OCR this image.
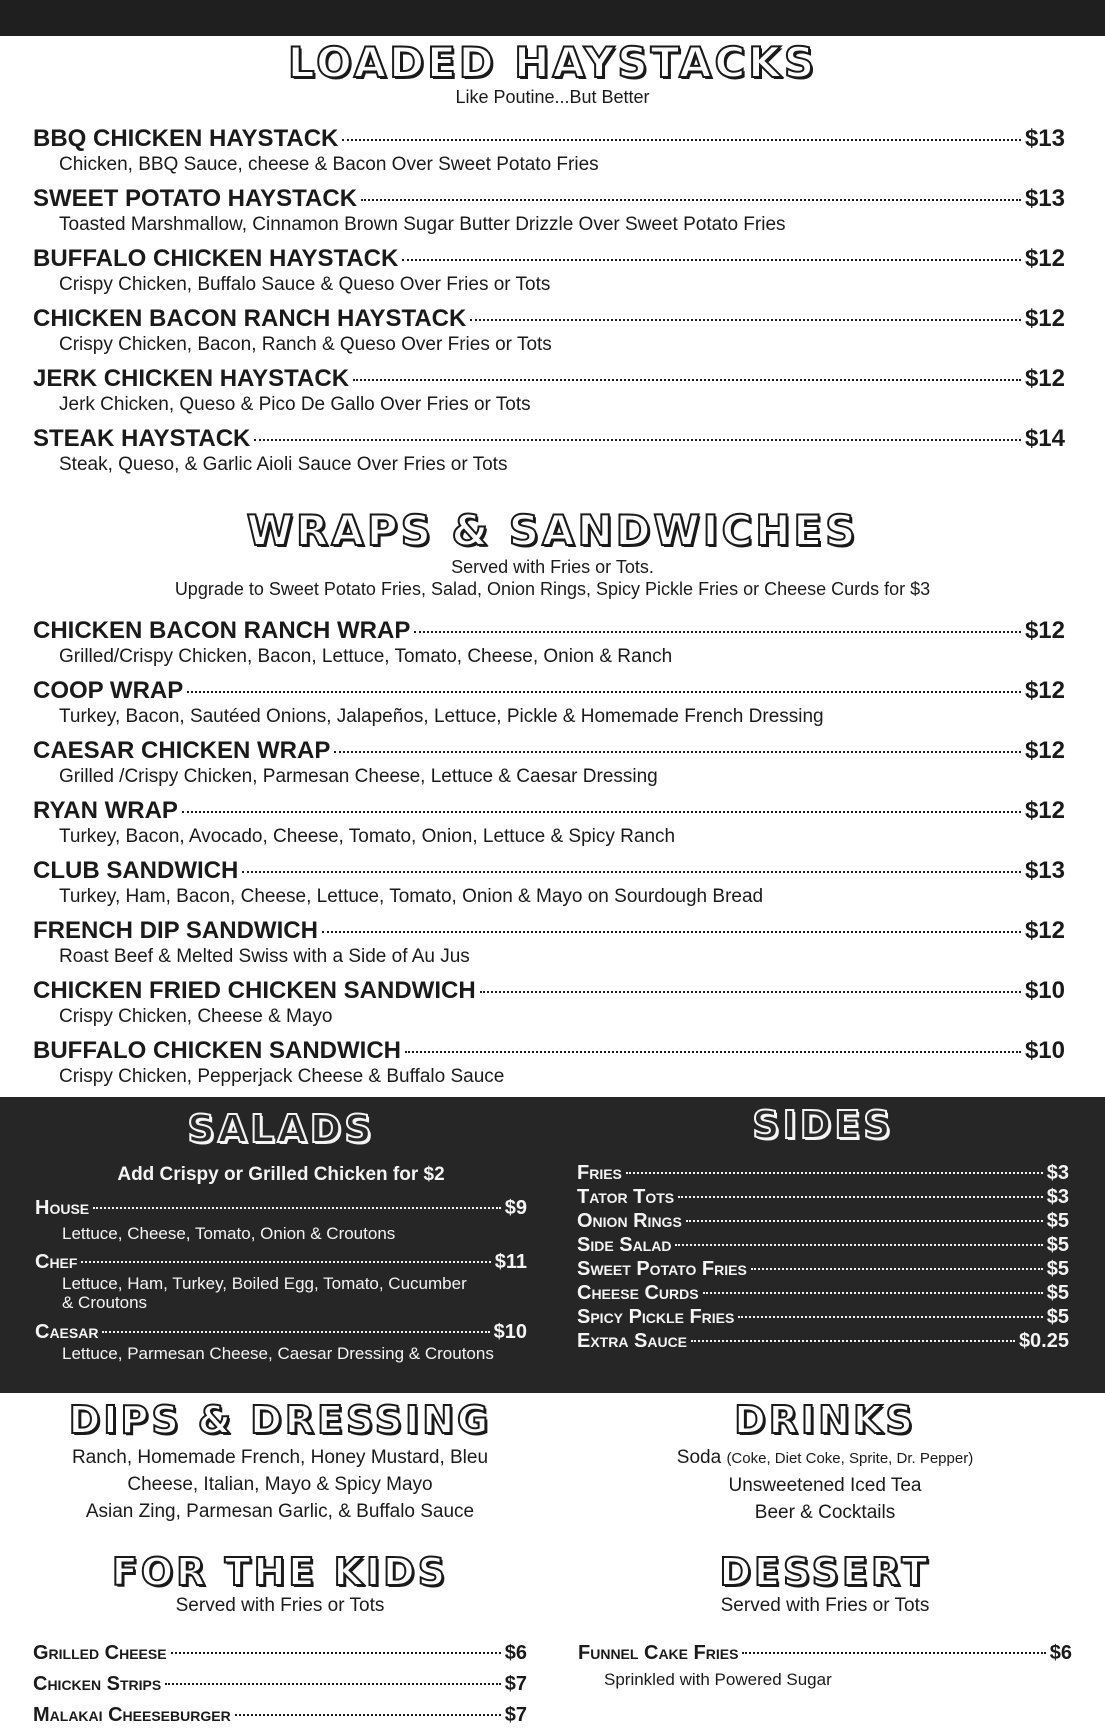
LOADED HAYSTACKS
Like Poutine...But Better
BBQ CHICKEN HAYSTACK	$13
Chicken, BBQ Sauce, cheese & Bacon Over Sweet Potato Fries
SWEET POTATO HAYSTACK	$13
Toasted Marshmallow, Cinnamon Brown Sugar Butter Drizzle Over Sweet Potato Fries
BUFFALO CHICKEN HAYSTACK	$12
Crispy Chicken, Buffalo Sauce & Queso Over Fries or Tots
CHICKEN BACON RANCH HAYSTACK	$12
Crispy Chicken, Bacon, Ranch & Queso Over Fries or Tots
JERK CHICKEN HAYSTACK	$12
Jerk Chicken, Queso & Pico De Gallo Over Fries or Tots
STEAK HAYSTACK	$14
Steak, Queso, & Garlic Aioli Sauce Over Fries or Tots
WRAPS & SANDWICHES
Served with Fries or Tots.
Upgrade to Sweet Potato Fries, Salad, Onion Rings, Spicy Pickle Fries or Cheese Curds for $3
CHICKEN BACON RANCH WRAP	$12
Grilled/Crispy Chicken, Bacon, Lettuce, Tomato, Cheese, Onion & Ranch
COOP WRAP	$12
Turkey, Bacon, Sautéed Onions, Jalapeños, Lettuce, Pickle & Homemade French Dressing
CAESAR CHICKEN WRAP	$12
Grilled /Crispy Chicken, Parmesan Cheese, Lettuce & Caesar Dressing
RYAN WRAP	$12
Turkey, Bacon, Avocado, Cheese, Tomato, Onion, Lettuce & Spicy Ranch
CLUB SANDWICH	$13
Turkey, Ham, Bacon, Cheese, Lettuce, Tomato, Onion & Mayo on Sourdough Bread
FRENCH DIP SANDWICH	$12
Roast Beef & Melted Swiss with a Side of Au Jus
CHICKEN FRIED CHICKEN SANDWICH	$10
Crispy Chicken, Cheese & Mayo
BUFFALO CHICKEN SANDWICH	$10
Crispy Chicken, Pepperjack Cheese & Buffalo Sauce
SALADS
Add Crispy or Grilled Chicken for $2
House	$9
Lettuce, Cheese, Tomato, Onion & Croutons
Chef	$11
Lettuce, Ham, Turkey, Boiled Egg, Tomato, Cucumber & Croutons
Caesar	$10
Lettuce, Parmesan Cheese, Caesar Dressing & Croutons
SIDES
Fries	$3
Tator Tots	$3
Onion Rings	$5
Side Salad	$5
Sweet Potato Fries	$5
Cheese Curds	$5
Spicy Pickle Fries	$5
Extra Sauce	$0.25
DIPS & DRESSING
Ranch, Homemade French, Honey Mustard, Bleu
Cheese, Italian, Mayo & Spicy Mayo
Asian Zing, Parmesan Garlic, & Buffalo Sauce
DRINKS
Soda (Coke, Diet Coke, Sprite, Dr. Pepper)
Unsweetened Iced Tea
Beer & Cocktails
FOR THE KIDS
Served with Fries or Tots
Grilled Cheese	$6
Chicken Strips	$7
Malakai Cheeseburger	$7
DESSERT
Served with Fries or Tots
Funnel Cake Fries	$6
Sprinkled with Powered Sugar
